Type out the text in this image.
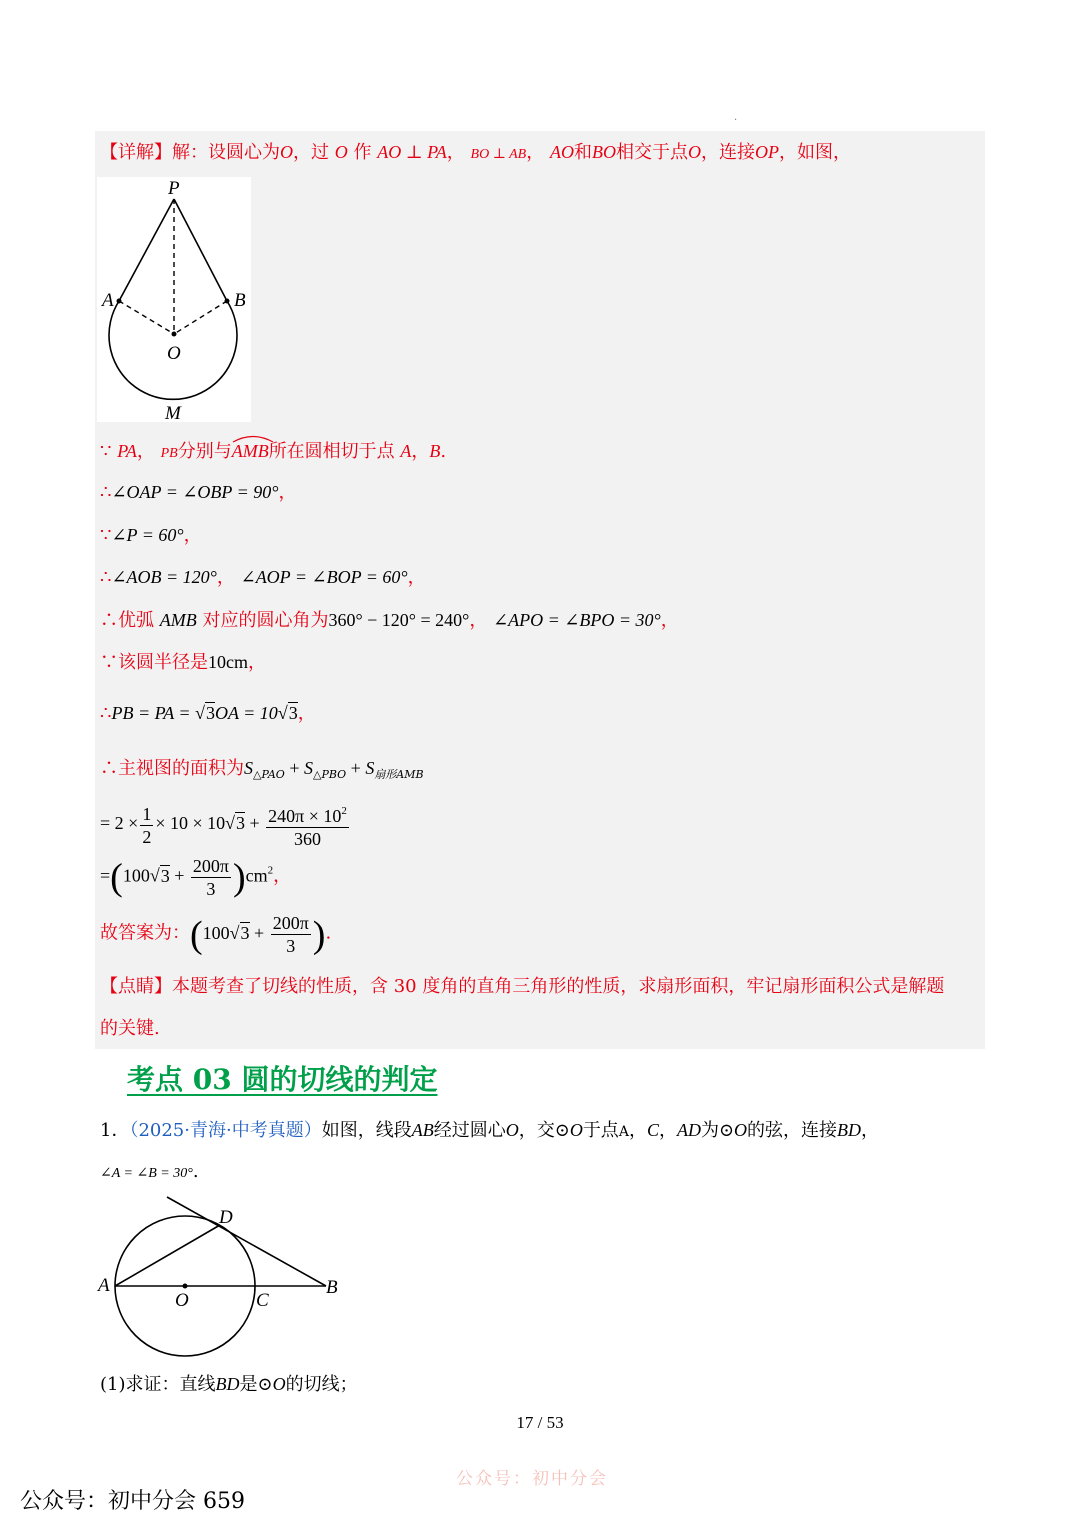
.
【详解】解：设圆心为O，过 O 作 AO ⊥ PA， BO ⊥ AB， AO和BO相交于点O，连接OP，如图，
P
A	B
O
M
∵ PA， PB分别与
AMB所在圆相切于点 A，B.
∴∠OAP = ∠OBP = 90°，
∵∠P = 60°，
∴∠AOB = 120°， ∠AOP = ∠BOP = 60°，
∴优弧 AMB 对应的圆心角为360° − 120° = 240°， ∠APO = ∠BPO = 30°，
∵该圆半径是10cm，
∴PB = PA = √3OA = 10√3，
∴主视图的面积为$S_{\triangle PAO} + S_{\triangle PBO} + S_{扇形AMB}$
= $2 \times \frac{1}{2} \times 10 \times 10√3 + \frac{240\pi \times 10^2}{360}$
$=(100√3 + \frac{200\pi}{3} )cm^2$，
故答案为：($100√3 + \frac{200\pi}{3}$ ).
【点睛】本题考查了切线的性质，含 30 度角的直角三角形的性质，求扇形面积，牢记扇形面积公式是解题
的关键.
考点 03 圆的切线的判定
1．（2025·青海·中考真题）如图，线段AB经过圆心O，交⊙O于点A，C，AD为⊙O的弦，连接BD，
∠A = ∠B = 30°.
D
A
O	C
B
(1)求证：直线BD是⊙O的切线；
17 / 53
公众号：初中分会
公众号：初中分会 659
